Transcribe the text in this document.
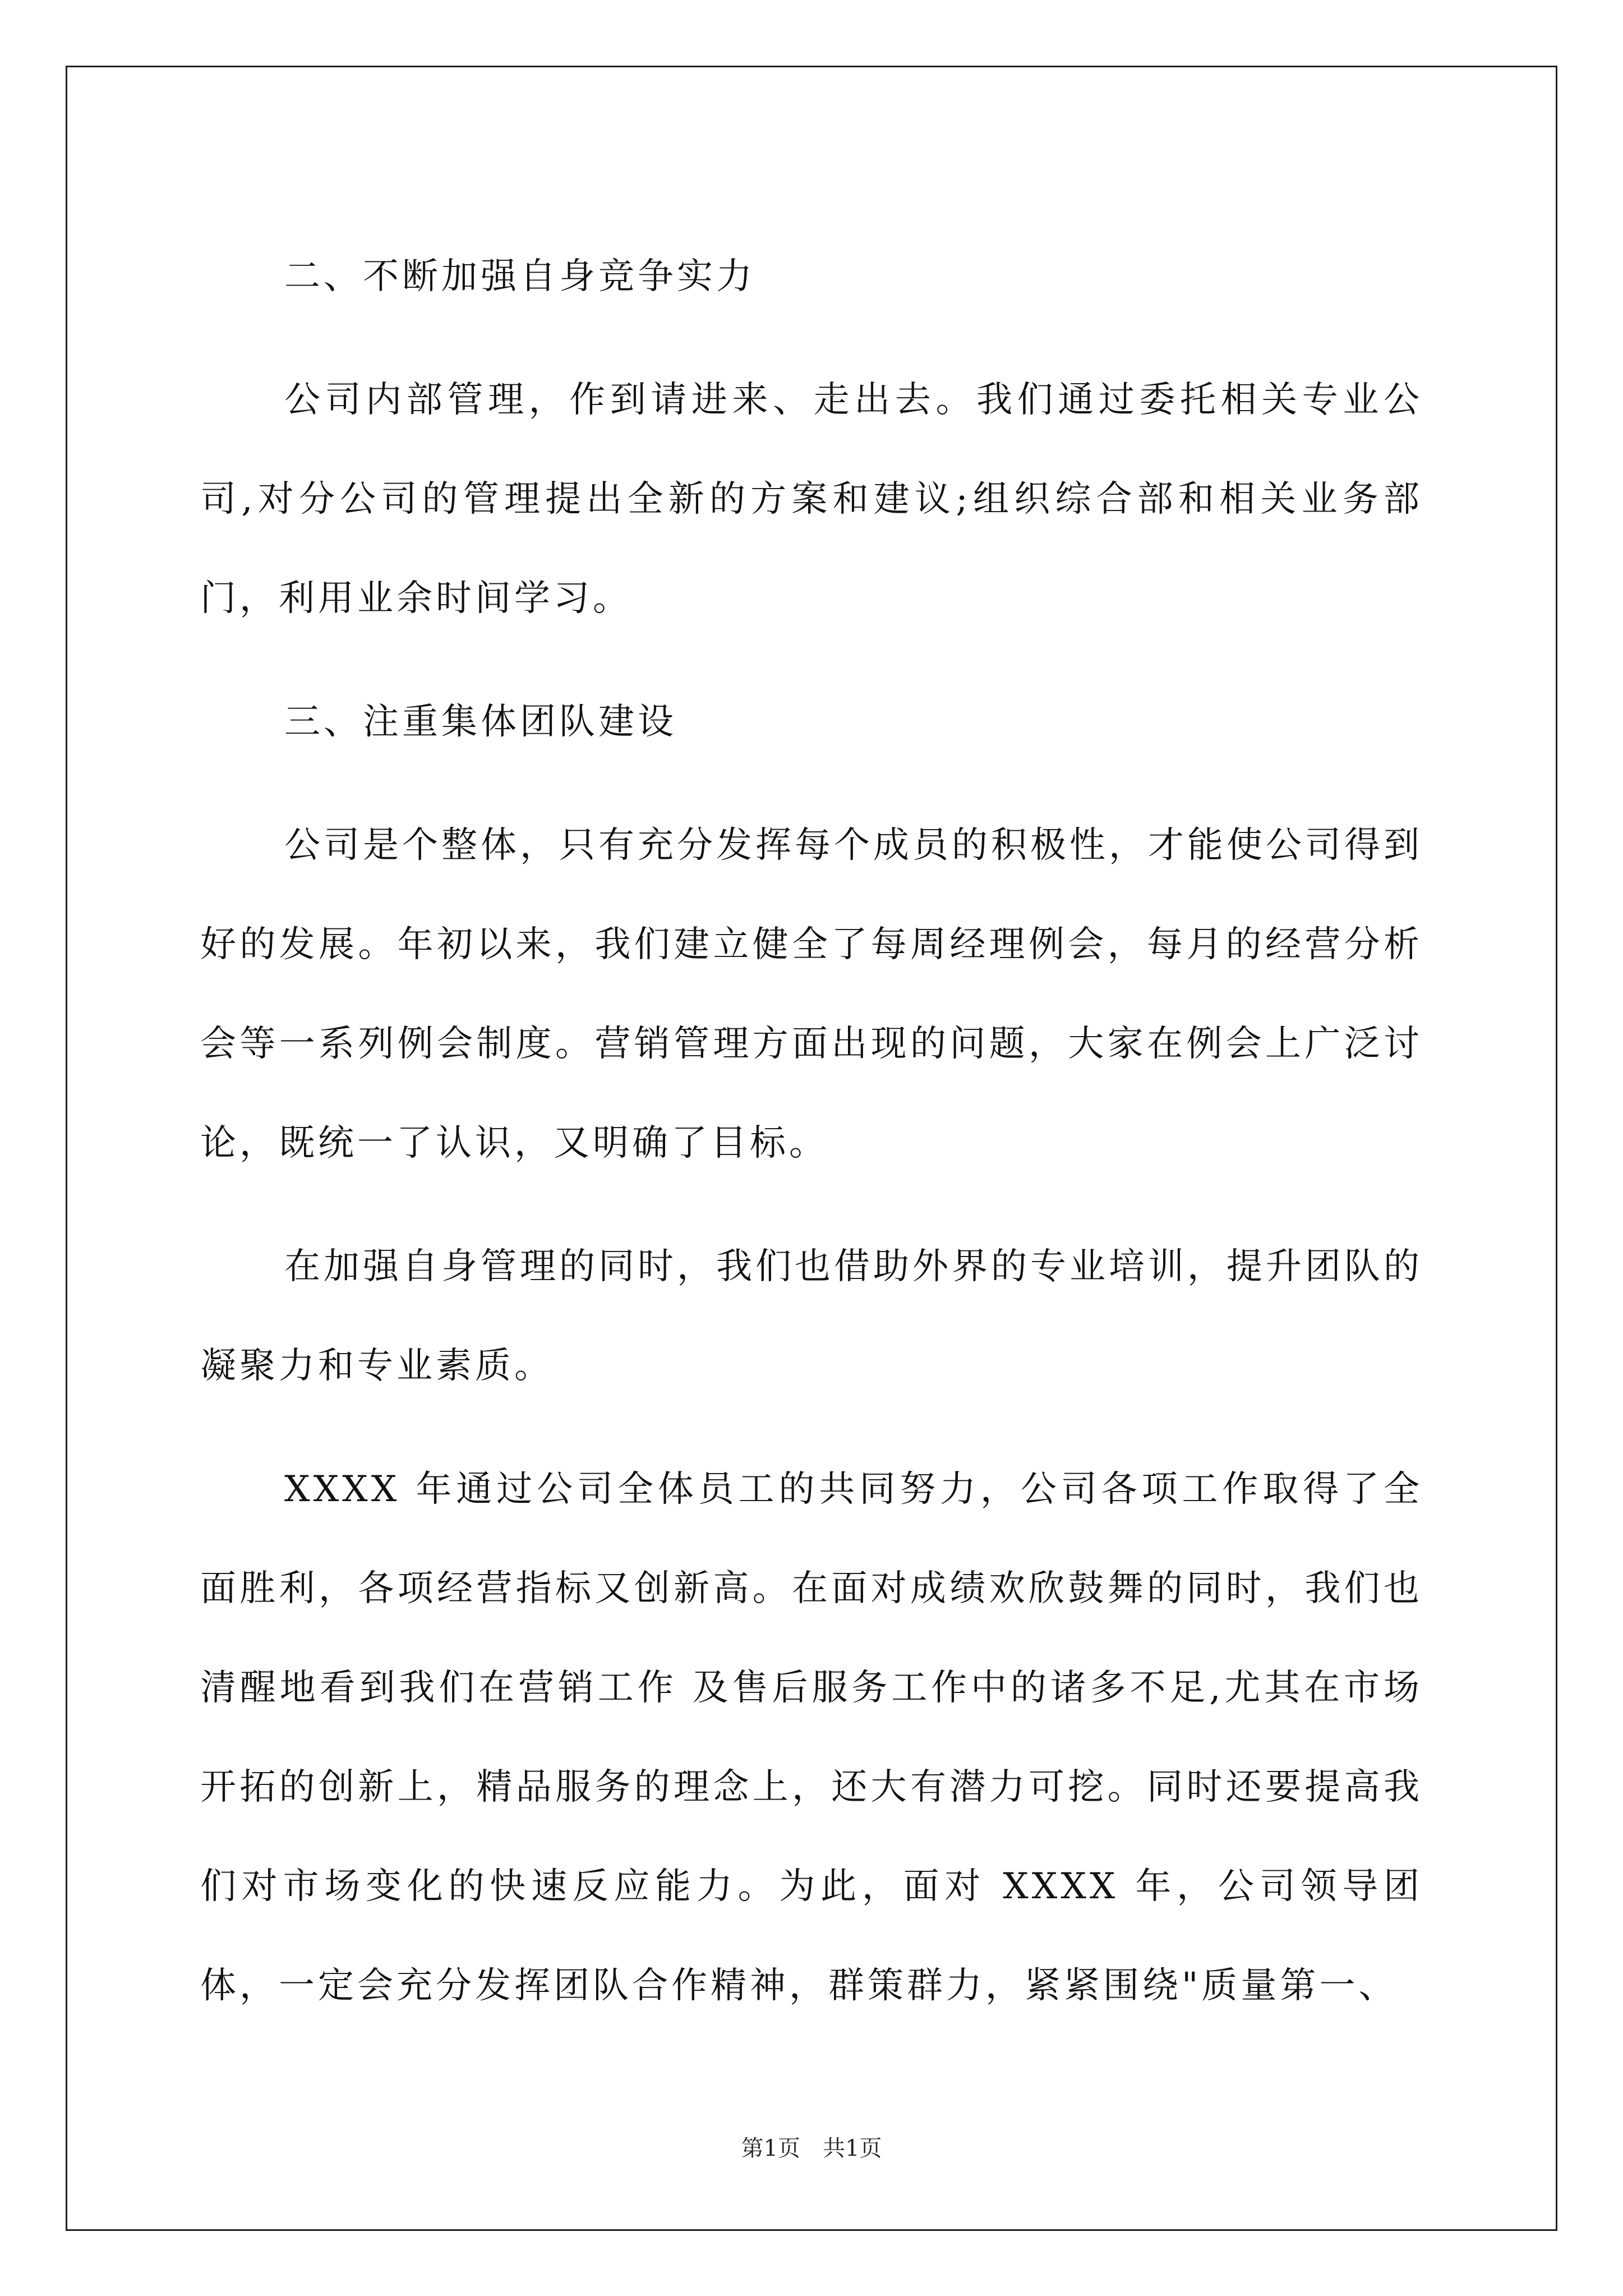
二、不断加强自身竞争实力

公司内部管理，作到请进来、走出去。我们通过委托相关专业公司,对分公司的管理提出全新的方案和建议;组织综合部和相关业务部门，利用业余时间学习。

三、注重集体团队建设

公司是个整体，只有充分发挥每个成员的积极性，才能使公司得到好的发展。年初以来，我们建立健全了每周经理例会，每月的经营分析会等一系列例会制度。营销管理方面出现的问题，大家在例会上广泛讨论，既统一了认识，又明确了目标。

在加强自身管理的同时，我们也借助外界的专业培训，提升团队的凝聚力和专业素质。

XXXX 年通过公司全体员工的共同努力，公司各项工作取得了全面胜利，各项经营指标又创新高。在面对成绩欢欣鼓舞的同时，我们也清醒地看到我们在营销工作 及售后服务工作中的诸多不足,尤其在市场开拓的创新上，精品服务的理念上，还大有潜力可挖。同时还要提高我们对市场变化的快速反应能力。为此，面对 XXXX 年，公司领导团体，一定会充分发挥团队合作精神，群策群力，紧紧围绕"质量第一、

第1页　共1页
